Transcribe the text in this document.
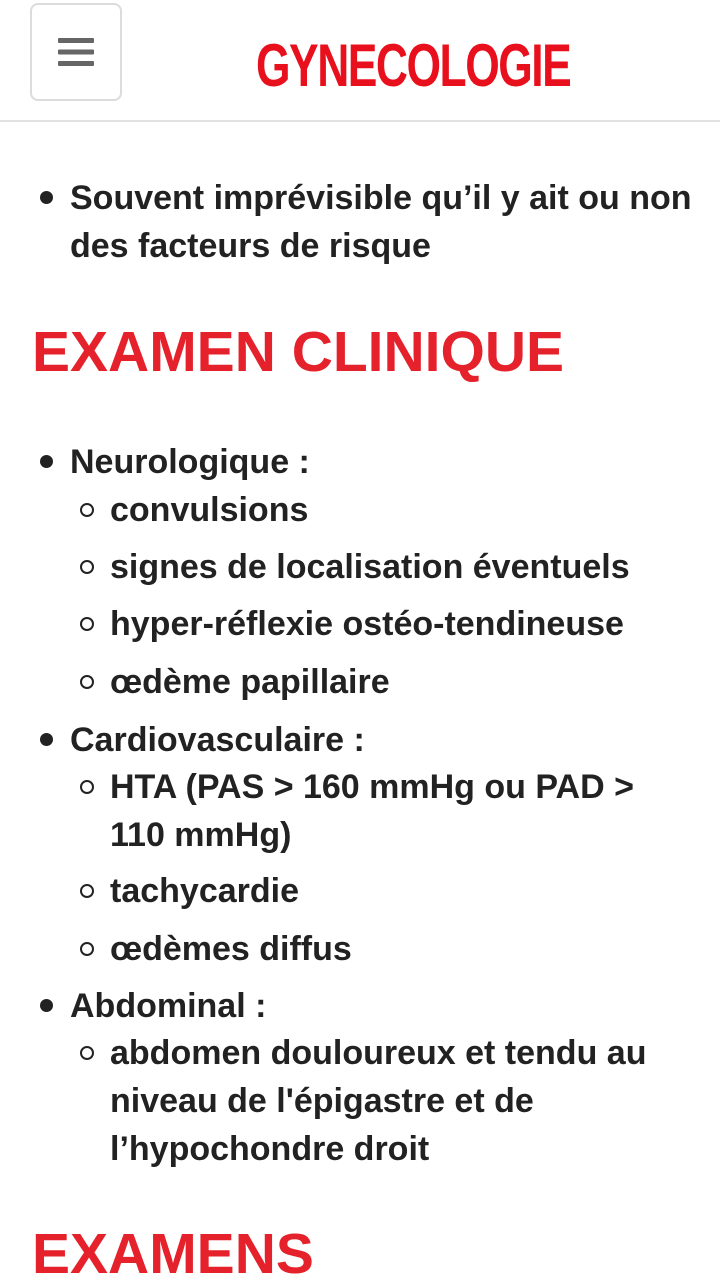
Souvent imprévisible qu’il y ait ou non des facteurs de risque
EXAMEN CLINIQUE
Neurologique :
convulsions
signes de localisation éventuels
hyper-réflexie ostéo-tendineuse
œdème papillaire
Cardiovasculaire :
HTA (PAS > 160 mmHg ou PAD > 110 mmHg)
tachycardie
œdèmes diffus
Abdominal :
abdomen douloureux et tendu au niveau de l'épigastre et de l’hypochondre droit
EXAMENS
GYNECOLOGIE
